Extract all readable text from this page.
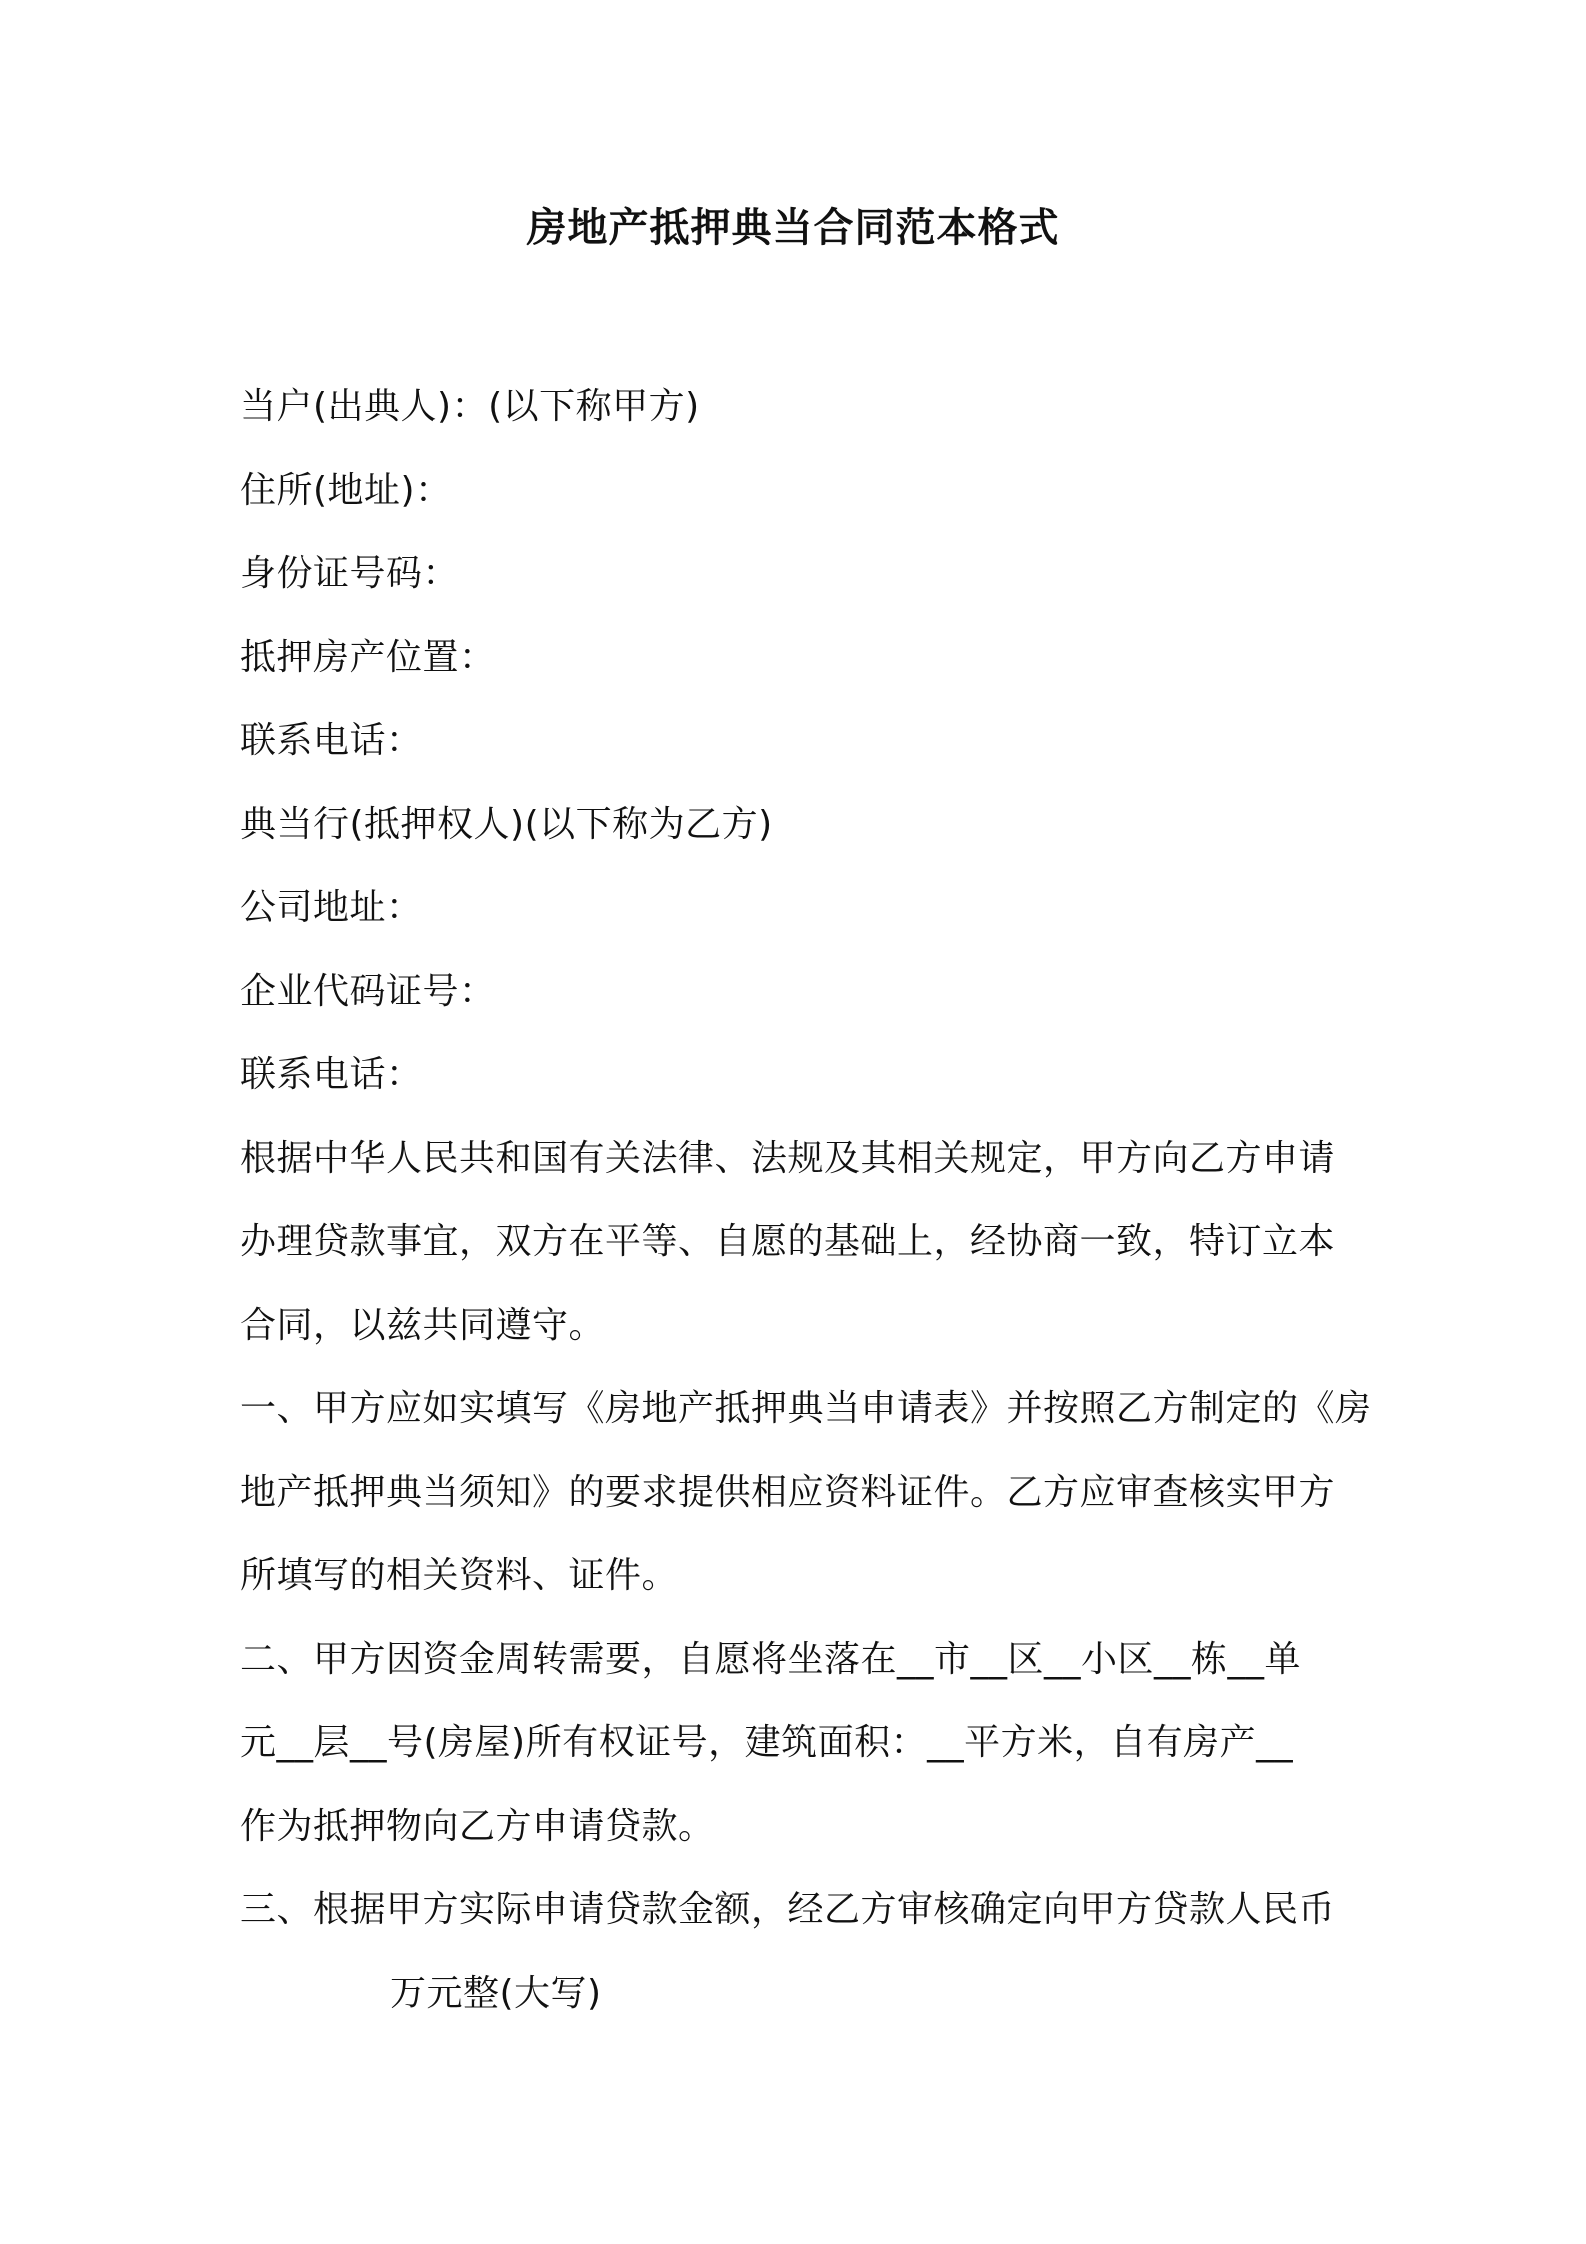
房地产抵押典当合同范本格式
当户(出典人)：(以下称甲方)
住所(地址)：
身份证号码：
抵押房产位置：
联系电话：
典当行(抵押权人)(以下称为乙方)
公司地址：
企业代码证号：
联系电话：
根据中华人民共和国有关法律、法规及其相关规定，甲方向乙方申请
办理贷款事宜，双方在平等、自愿的基础上，经协商一致，特订立本
合同，以兹共同遵守。
一、甲方应如实填写《房地产抵押典当申请表》并按照乙方制定的《房
地产抵押典当须知》的要求提供相应资料证件。乙方应审查核实甲方
所填写的相关资料、证件。
二、甲方因资金周转需要，自愿将坐落在__市__区__小区__栋__单
元__层__号(房屋)所有权证号，建筑面积：__平方米，自有房产__
作为抵押物向乙方申请贷款。
三、根据甲方实际申请贷款金额，经乙方审核确定向甲方贷款人民币
万元整(大写)
